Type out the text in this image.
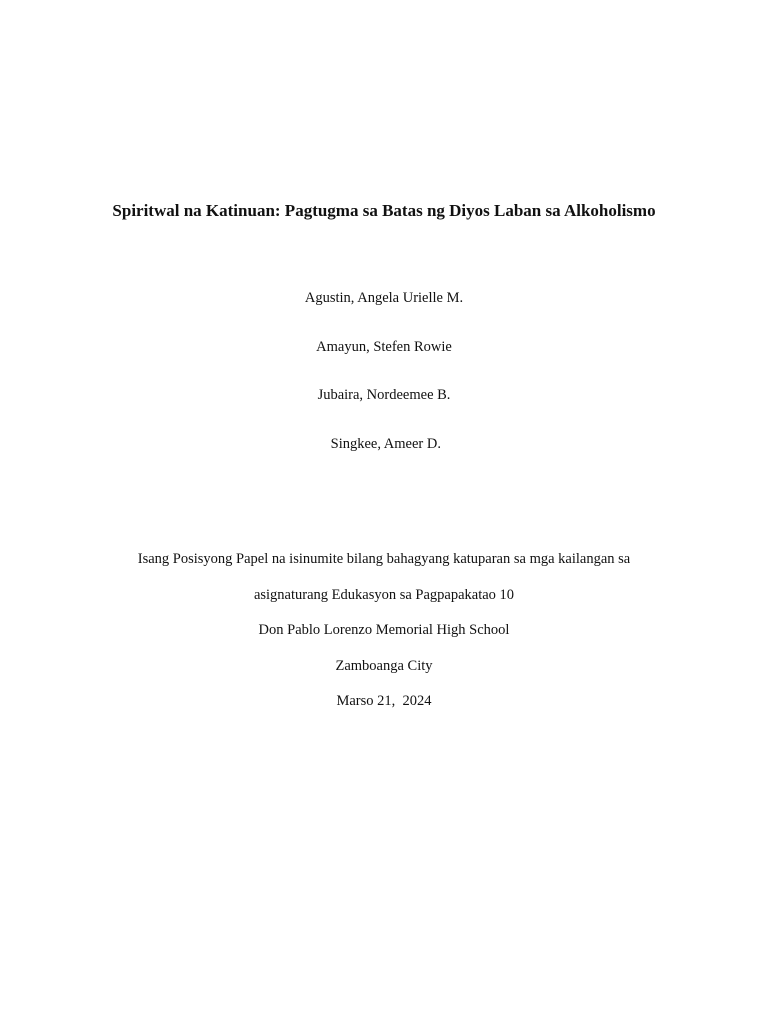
Spiritwal na Katinuan: Pagtugma sa Batas ng Diyos Laban sa Alkoholismo
Agustin, Angela Urielle M.
Amayun, Stefen Rowie
Jubaira, Nordeemee B.
Singkee, Ameer D.
Isang Posisyong Papel na isinumite bilang bahagyang katuparan sa mga kailangan sa
asignaturang Edukasyon sa Pagpapakatao 10
Don Pablo Lorenzo Memorial High School
Zamboanga City
Marso 21,  2024
